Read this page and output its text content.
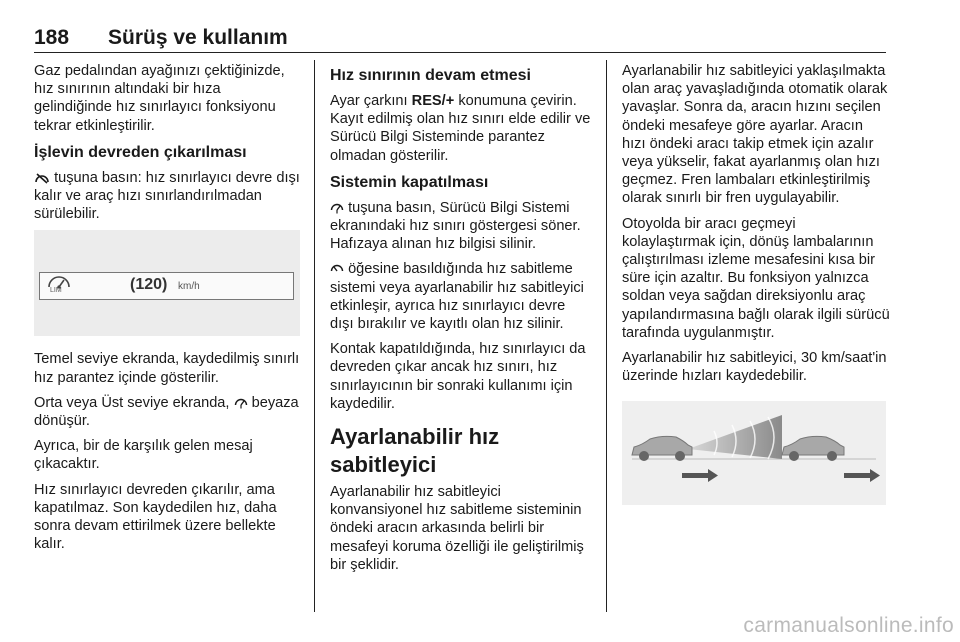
188 Sürüş ve kullanım

Gaz pedalından ayağınızı çektiğinizde, hız sınırının altındaki bir hıza gelindiğinde hız sınırlayıcı fonksiyonu tekrar etkinleştirilir.

İşlevin devreden çıkarılması

tuşuna basın: hız sınırlayıcı devre dışı kalır ve araç hızı sınırlandırılmadan sürülebilir.

LIM	(120) km/h

Temel seviye ekranda, kaydedilmiş sınırlı hız parantez içinde gösterilir.

Orta veya Üst seviye ekranda, beyaza dönüşür.

Ayrıca, bir de karşılık gelen mesaj çıkacaktır.

Hız sınırlayıcı devreden çıkarılır, ama kapatılmaz. Son kaydedilen hız, daha sonra devam ettirilmek üzere bellekte kalır.

Hız sınırının devam etmesi

Ayar çarkını RES/+ konumuna çevirin. Kayıt edilmiş olan hız sınırı elde edilir ve Sürücü Bilgi Sisteminde parantez olmadan gösterilir.

Sistemin kapatılması

tuşuna basın, Sürücü Bilgi Sistemi ekranındaki hız sınırı göstergesi söner. Hafızaya alınan hız bilgisi silinir.

öğesine basıldığında hız sabitleme sistemi veya ayarlanabilir hız sabitleyici etkinleşir, ayrıca hız sınırlayıcı devre dışı bırakılır ve kayıtlı olan hız silinir.

Kontak kapatıldığında, hız sınırlayıcı da devreden çıkar ancak hız sınırı, hız sınırlayıcının bir sonraki kullanımı için kaydedilir.

Ayarlanabilir hız sabitleyici

Ayarlanabilir hız sabitleyici konvansiyonel hız sabitleme sisteminin öndeki aracın arkasında belirli bir mesafeyi koruma özelliği ile geliştirilmiş bir şeklidir.

Ayarlanabilir hız sabitleyici yaklaşılmakta olan araç yavaşladığında otomatik olarak yavaşlar. Sonra da, aracın hızını seçilen öndeki mesafeye göre ayarlar. Aracın hızı öndeki aracı takip etmek için azalır veya yükselir, fakat ayarlanmış olan hızı geçmez. Fren lambaları etkinleştirilmiş olarak sınırlı bir fren uygulayabilir.

Otoyolda bir aracı geçmeyi kolaylaştırmak için, dönüş lambalarının çalıştırılması izleme mesafesini kısa bir süre için azaltır. Bu fonksiyon yalnızca soldan veya sağdan direksiyonlu araç yapılandırmasına bağlı olarak ilgili sürücü tarafında uygulanmıştır.

Ayarlanabilir hız sabitleyici, 30 km/saat'in üzerinde hızları kaydedebilir.

carmanualsonline.info
